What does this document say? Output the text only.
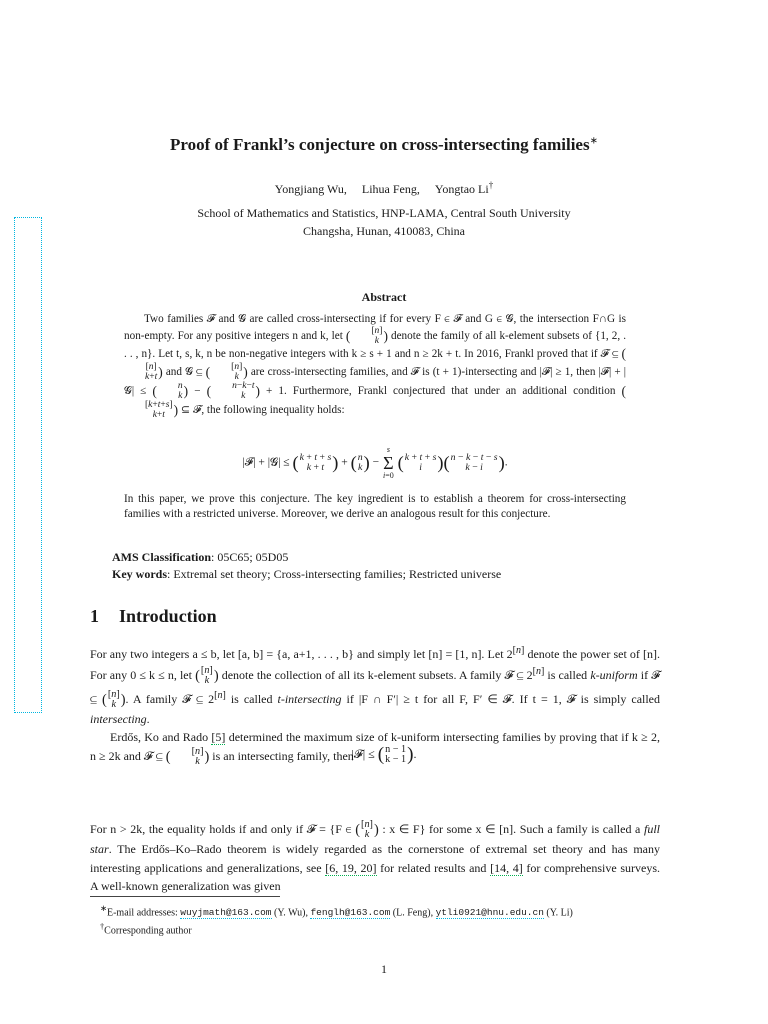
Proof of Frankl’s conjecture on cross-intersecting families∗
Yongjiang Wu, Lihua Feng, Yongtao Li†
School of Mathematics and Statistics, HNP-LAMA, Central South University
Changsha, Hunan, 410083, China
Abstract

Two families 𝓕 and 𝓖 are called cross-intersecting if for every F ∈ 𝓕 and G ∈ 𝓖, the intersection F∩G is non-empty. For any positive integers n and k, let (	[n]
k ) denote the family of all k-element subsets of {1, 2, . . . , n}. Let t, s, k, n be non-negative integers with k ≥ s + 1 and n ≥ 2k + t. In 2016, Frankl proved that if 𝓕 ⊆ (
[n]
k+t ) and 𝓖 ⊆ (	[n]
k ) are cross-intersecting families, and 𝓕 is (t + 1)-intersecting and |𝓕| ≥ 1, then |𝓕| + |𝓖| ≤ (	n
k ) − (	n−k−t
k ) + 1. Furthermore, Frankl conjectured that under an additional condition (
[k+t+s]
k+t ) ⊆ 𝓕, the following inequality holds:

|𝓕| + |𝓖| ≤ ( k + t + s
k + t ) + ( n
k ) −
s
Σ
i=0
( k + t + s
i )( n − k − t − s
k − i ).
In this paper, we prove this conjecture. The key ingredient is to establish a theorem for cross-intersecting families with a restricted universe. Moreover, we derive an analogous result for this conjecture.
AMS Classification: 05C65; 05D05
Key words: Extremal set theory; Cross-intersecting families; Restricted universe
1 Introduction

For any two integers a ≤ b, let [a, b] = {a, a+1, . . . , b} and simply let [n] = [1, n]. Let 2[n] denote the power set of [n]. For any 0 ≤ k ≤ n, let ( [n]
k ) denote the collection of all its k-element subsets. A family 𝓕 ⊆ 2[n] is called k-uniform if 𝓕 ⊆ ( [n]
k ). A family 𝓕 ⊆ 2[n] is called t-intersecting if |F ∩ F′| ≥ t for all F, F′ ∈ 𝓕. If t = 1, 𝓕 is simply called intersecting.

Erdős, Ko and Rado [5] determined the maximum size of k-uniform intersecting families by proving that if k ≥ 2, n ≥ 2k and 𝓕 ⊆ (	[n]
k ) is an intersecting family, then

|𝓕| ≤ ( n − 1
k − 1 ).

For n > 2k, the equality holds if and only if 𝓕 = {F ∈ ( [n]
k ) : x ∈ F} for some x ∈ [n]. Such a family is called a full star. The Erdős–Ko–Rado theorem is widely regarded as the cornerstone of extremal set theory and has many interesting applications and generalizations, see [6, 19, 20] for related results and [14, 4] for comprehensive surveys. A well-known generalization was given

∗E-mail addresses: wuyjmath@163.com (Y. Wu), fenglh@163.com (L. Feng), ytli0921@hnu.edu.cn (Y. Li)
†Corresponding author
1
